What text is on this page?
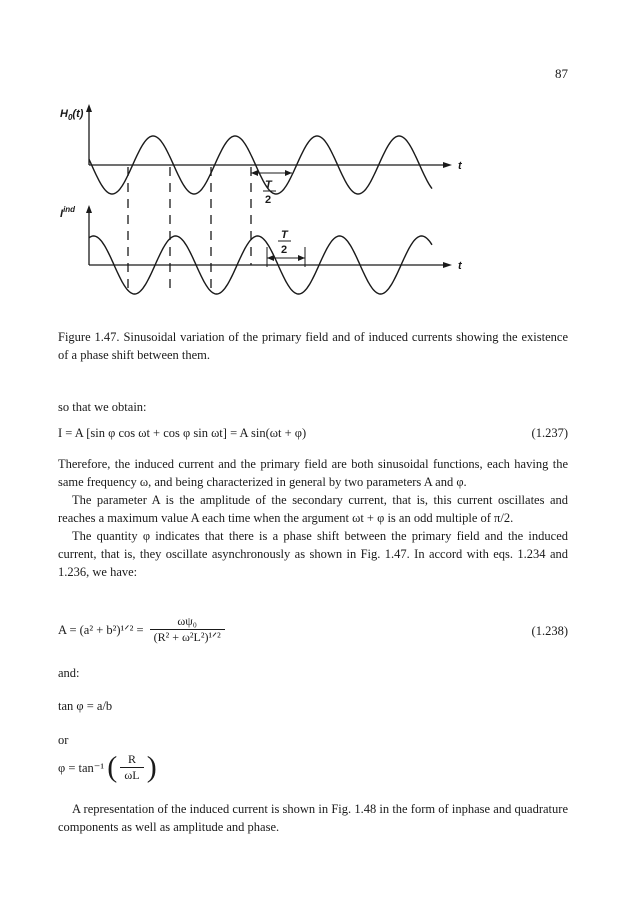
87
$H_0(t)$
$I^{ind}$
t
t
T
2
T
2
Figure 1.47. Sinusoidal variation of the primary field and of induced currents showing the existence of a phase shift between them.

so that we obtain:

I = A [sin φ cos ωt + cos φ sin ωt] = A sin(ωt + φ)	(1.237)

Therefore, the induced current and the primary field are both sinusoidal functions, each having the same frequency ω, and being characterized in general by two parameters A and φ.

The parameter A is the amplitude of the secondary current, that is, this current oscillates and reaches a maximum value A each time when the argument ωt + φ is an odd multiple of π/2.

The quantity φ indicates that there is a phase shift between the primary field and the induced current, that is, they oscillate asynchronously as shown in Fig. 1.47. In accord with eqs. 1.234 and 1.236, we have:

A = (a² + b²)¹ᐟ² = $\frac{\text{ωψ₀}}{\text{(R² + ω²L²)¹ᐟ²}}$	(1.238)

and:

tan φ = a/b

or

φ = tan⁻¹ ( $\frac{R}{\omega L}$ )

A representation of the induced current is shown in Fig. 1.48 in the form of inphase and quadrature components as well as amplitude and phase.
